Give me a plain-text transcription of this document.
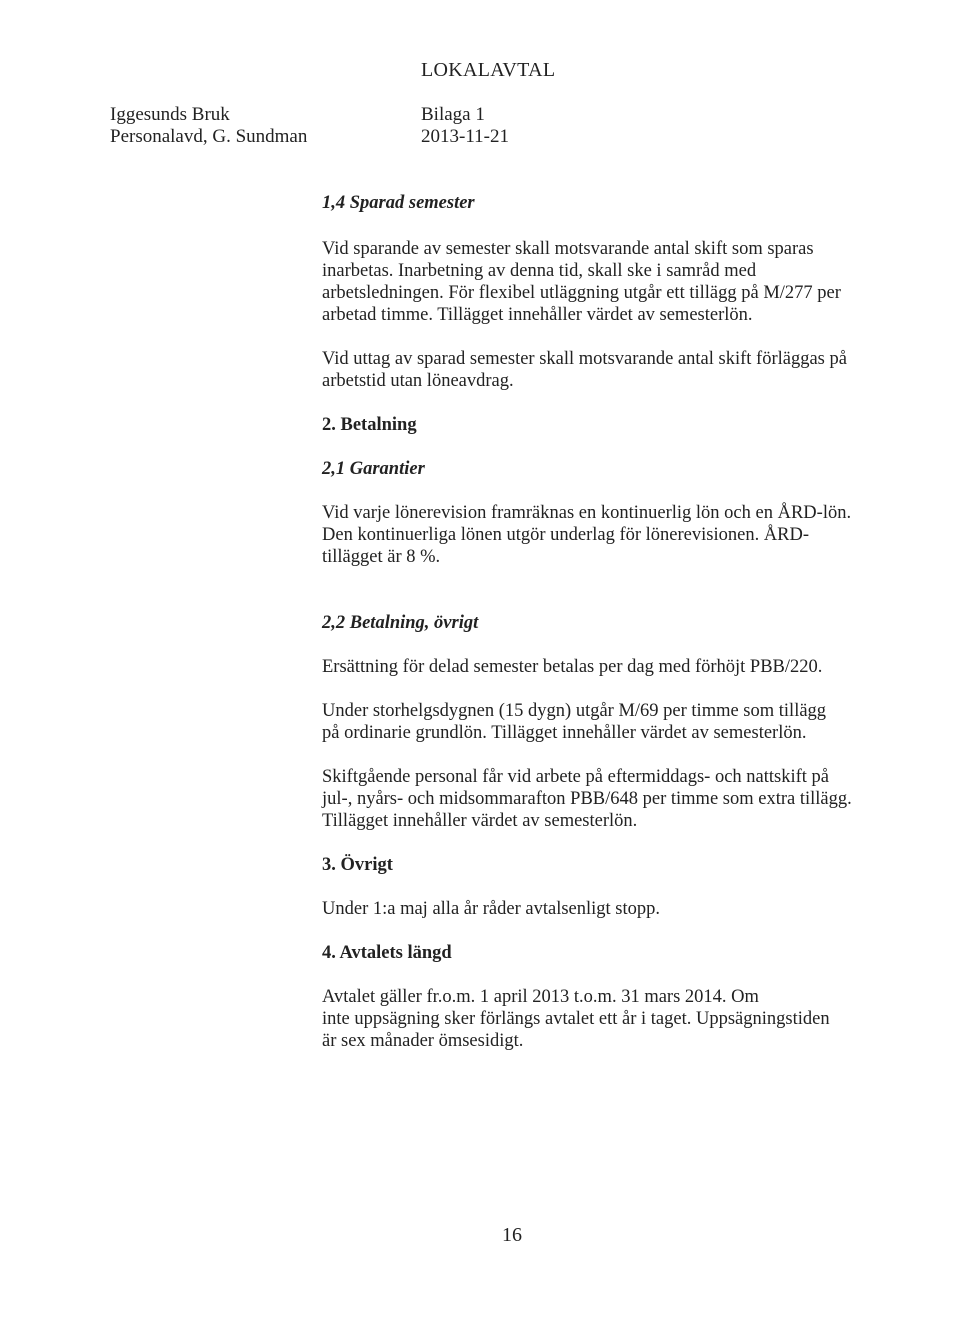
LOKALAVTAL
Iggesunds Bruk
Personalavd, G. Sundman
Bilaga 1
2013-11-21
1,4 Sparad semester

Vid sparande av semester skall motsvarande antal skift som sparas
inarbetas. Inarbetning av denna tid, skall ske i samråd med
arbetsledningen. För flexibel utläggning utgår ett tillägg på M/277 per
arbetad timme. Tillägget innehåller värdet av semesterlön.

Vid uttag av sparad semester skall motsvarande antal skift förläggas på
arbetstid utan löneavdrag.

2. Betalning
2,1 Garantier

Vid varje lönerevision framräknas en kontinuerlig lön och en ÅRD-lön.
Den kontinuerliga lönen utgör underlag för lönerevisionen. ÅRD-
tillägget är 8 %.

2,2 Betalning, övrigt

Ersättning för delad semester betalas per dag med förhöjt PBB/220.

Under storhelgsdygnen (15 dygn) utgår M/69 per timme som tillägg
på ordinarie grundlön. Tillägget innehåller värdet av semesterlön.

Skiftgående personal får vid arbete på eftermiddags- och nattskift på
jul-, nyårs- och midsommarafton PBB/648 per timme som extra tillägg.
Tillägget innehåller värdet av semesterlön.

3. Övrigt

Under 1:a maj alla år råder avtalsenligt stopp.

4. Avtalets längd

Avtalet gäller fr.o.m. 1 april 2013 t.o.m. 31 mars 2014. Om
inte uppsägning sker förlängs avtalet ett år i taget. Uppsägningstiden
är sex månader ömsesidigt.

16
